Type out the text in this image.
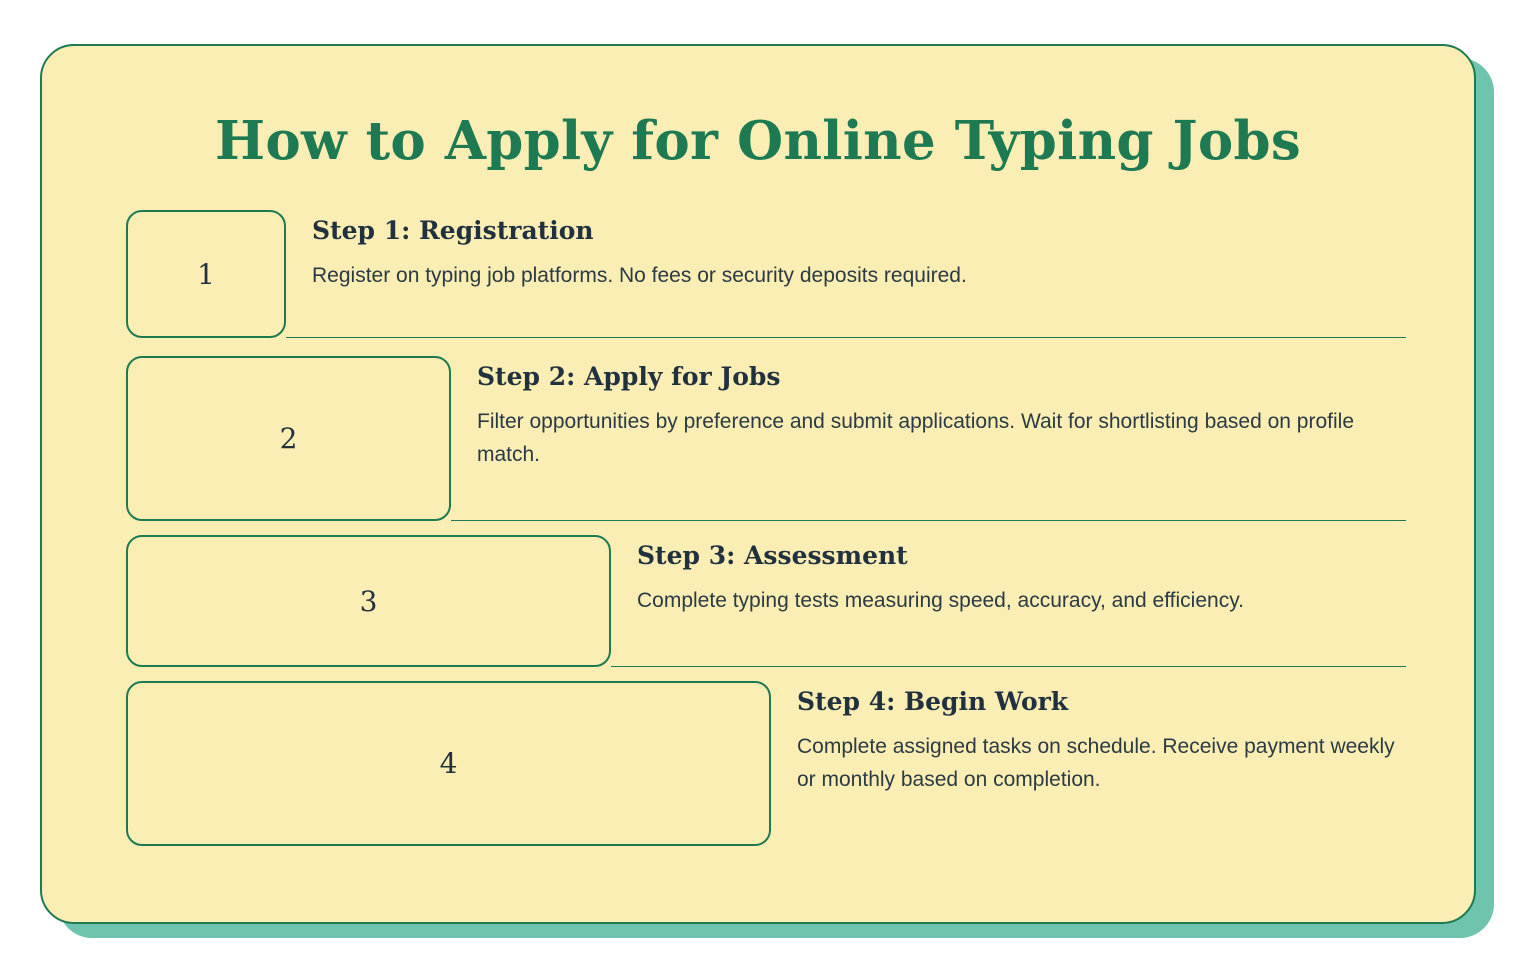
How to Apply for Online Typing Jobs
1
Step 1: Registration
Register on typing job platforms. No fees or security deposits required.
2
Step 2: Apply for Jobs
Filter opportunities by preference and submit applications. Wait for shortlisting based on profile match.
3
Step 3: Assessment
Complete typing tests measuring speed, accuracy, and efficiency.
4
Step 4: Begin Work
Complete assigned tasks on schedule. Receive payment weekly or monthly based on completion.
